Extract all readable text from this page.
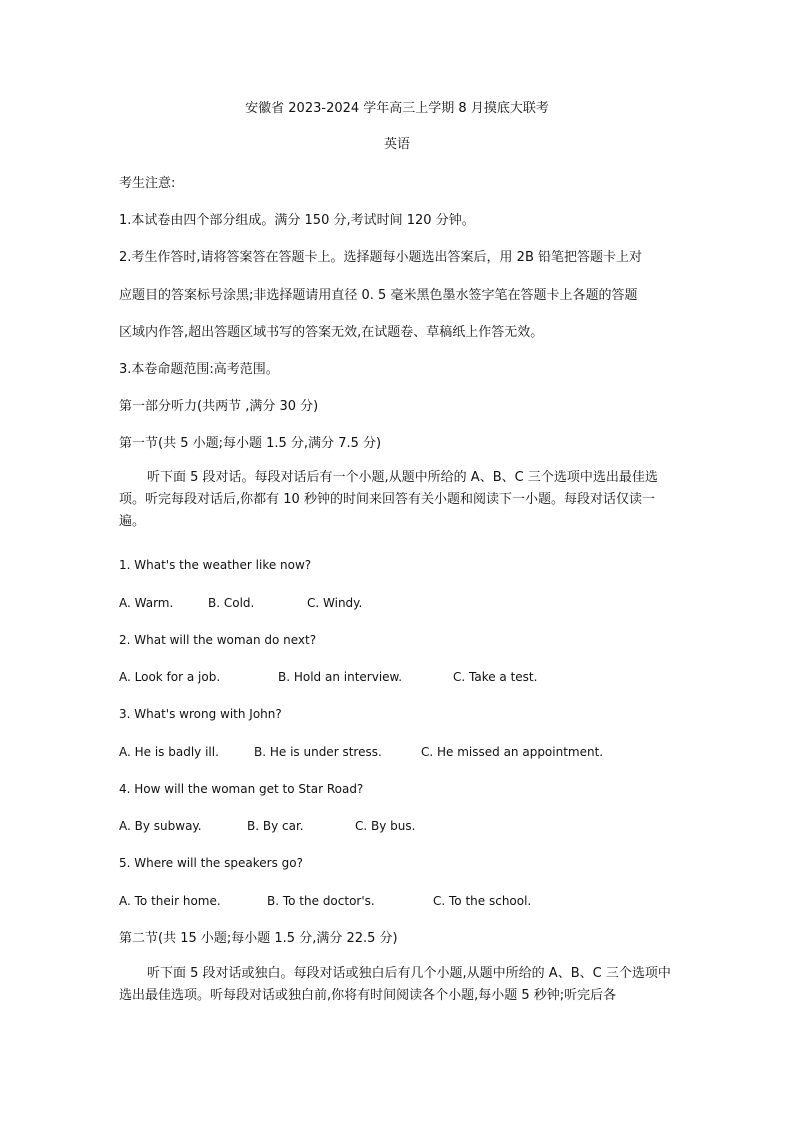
安徽省 2023-2024 学年高三上学期 8 月摸底大联考
英语
考生注意:
1.本试卷由四个部分组成。满分 150 分,考试时间 120 分钟。
2.考生作答时,请将答案答在答题卡上。选择题每小题选出答案后，用 2B 铅笔把答题卡上对
应题目的答案标号涂黑;非选择题请用直径 0. 5 毫米黑色墨水签字笔在答题卡上各题的答题
区域内作答,超出答题区域书写的答案无效,在试题卷、草稿纸上作答无效。
3.本卷命题范围:高考范围。
第一部分听力(共两节 ,满分 30 分)
第一节(共 5 小题;每小题 1.5 分,满分 7.5 分)
听下面 5 段对话。每段对话后有一个小题,从题中所给的 A、B、C 三个选项中选出最佳选项。听完每段对话后,你都有 10 秒钟的时间来回答有关小题和阅读下一小题。每段对话仅读一遍。
1. What's the weather like now?
A. Warm.	B. Cold.	C. Windy.
2. What will the woman do next?
A. Look for a job.	B. Hold an interview.	C. Take a test.
3. What's wrong with John?
A. He is badly ill.	B. He is under stress.	C. He missed an appointment.
4. How will the woman get to Star Road?
A. By subway.	B. By car.	C. By bus.
5. Where will the speakers go?
A. To their home.	B. To the doctor's.	C. To the school.
第二节(共 15 小题;每小题 1.5 分,满分 22.5 分)
听下面 5 段对话或独白。每段对话或独白后有几个小题,从题中所给的 A、B、C 三个选项中选出最佳选项。听每段对话或独白前,你将有时间阅读各个小题,每小题 5 秒钟;听完后各
